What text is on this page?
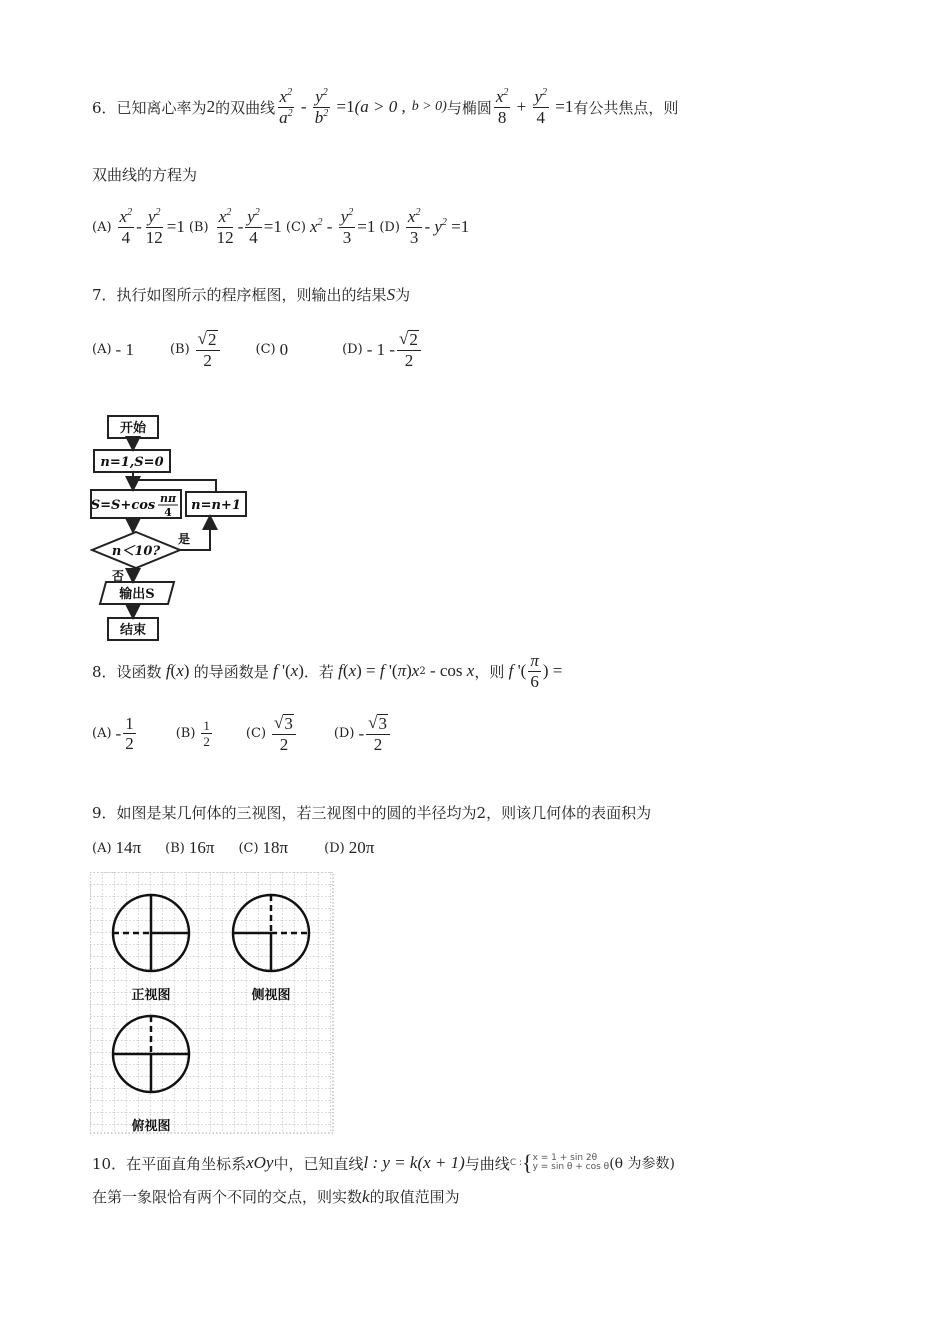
6． 已知离心率为 2 的双曲线 $\frac{x^2}{a^2} - \frac{y^2}{b^2} =1$ (a > 0 , b > 0) 与椭圆 $\frac{x^2}{8} + \frac{y^2}{4} =1$ 有公共焦点，则
双曲线的方程为
$(A) \frac{x^2}{4} - \frac{y^2}{12} =1$ $(B) \frac{x^2}{12} - \frac{y^2}{4} =1$ (C) $x^2 - \frac{y^2}{3} =1$ $(D) \frac{x^2}{3} - y^2 =1$
7． 执行如图所示的程序框图，则输出的结果 S 为
(A) - 1	$(B) \frac{√ 2}{2}$	(C) 0	$(D) - 1 - \frac{√ 2}{2}$
开始
n=1,S=0
S=S+cos nπ
4 n=n+1
n＜10?
是
否
输出S
结束
8． 设函数 f ( x ) 的导函数是 f '( x ) ．若 f ( x ) = f '( π ) x 2 - cos x ，则 f '( $\frac{\pi}{6}$ ) =
$(A) - \frac{1}{2}$	$(B) \frac{1}{2}$	$(C) \frac{√ 3}{2}$	$(D) - \frac{√ 3}{2}$
9． 如图是某几何体的三视图，若三视图中的圆的半径均为2，则该几何体的表面积为
(A) 14π (B) 16π (C) 18π	(D) 20π
正视图	侧视图
俯视图
10． 在平面直角坐标系 xOy 中，已知直线 l : y = k(x + 1) 与曲线 C : { x = 1 + sin 2θ
y = sin θ + cos θ (θ 为参数)
在第一象限恰有两个不同的交点，则实数 k 的取值范围为
